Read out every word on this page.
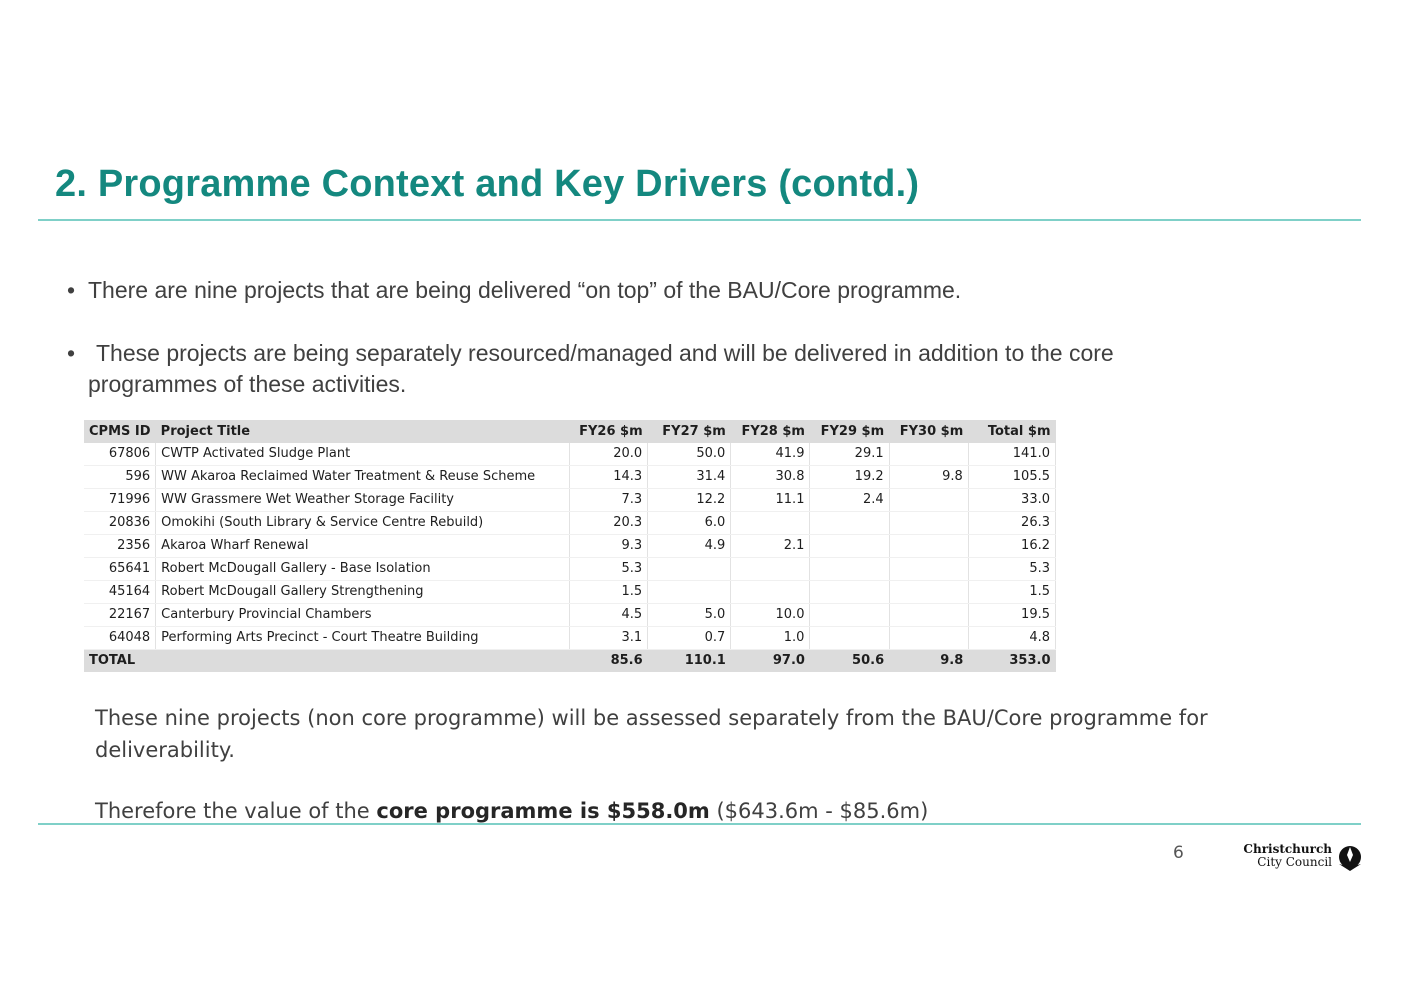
2. Programme Context and Key Drivers (contd.)
• There are nine projects that are being delivered “on top” of the BAU/Core programme.
• These projects are being separately resourced/managed and will be delivered in addition to the core programmes of these activities.
CPMS ID	Project Title	FY26 $m	FY27 $m	FY28 $m	FY29 $m	FY30 $m	Total $m
67806	CWTP Activated Sludge Plant	20.0	50.0	41.9	29.1		141.0
596	WW Akaroa Reclaimed Water Treatment & Reuse Scheme	14.3	31.4	30.8	19.2	9.8	105.5
71996	WW Grassmere Wet Weather Storage Facility	7.3	12.2	11.1	2.4		33.0
20836	Omokihi (South Library & Service Centre Rebuild)	20.3	6.0				26.3
2356	Akaroa Wharf Renewal	9.3	4.9	2.1			16.2
65641	Robert McDougall Gallery - Base Isolation	5.3					5.3
45164	Robert McDougall Gallery Strengthening	1.5					1.5
22167	Canterbury Provincial Chambers	4.5	5.0	10.0			19.5
64048	Performing Arts Precinct - Court Theatre Building	3.1	0.7	1.0			4.8
TOTAL		85.6	110.1	97.0	50.6	9.8	353.0

These nine projects (non core programme) will be assessed separately from the BAU/Core programme for deliverability.

Therefore the value of the core programme is $558.0m ($643.6m - $85.6m)

6	Christchurch
City Council
